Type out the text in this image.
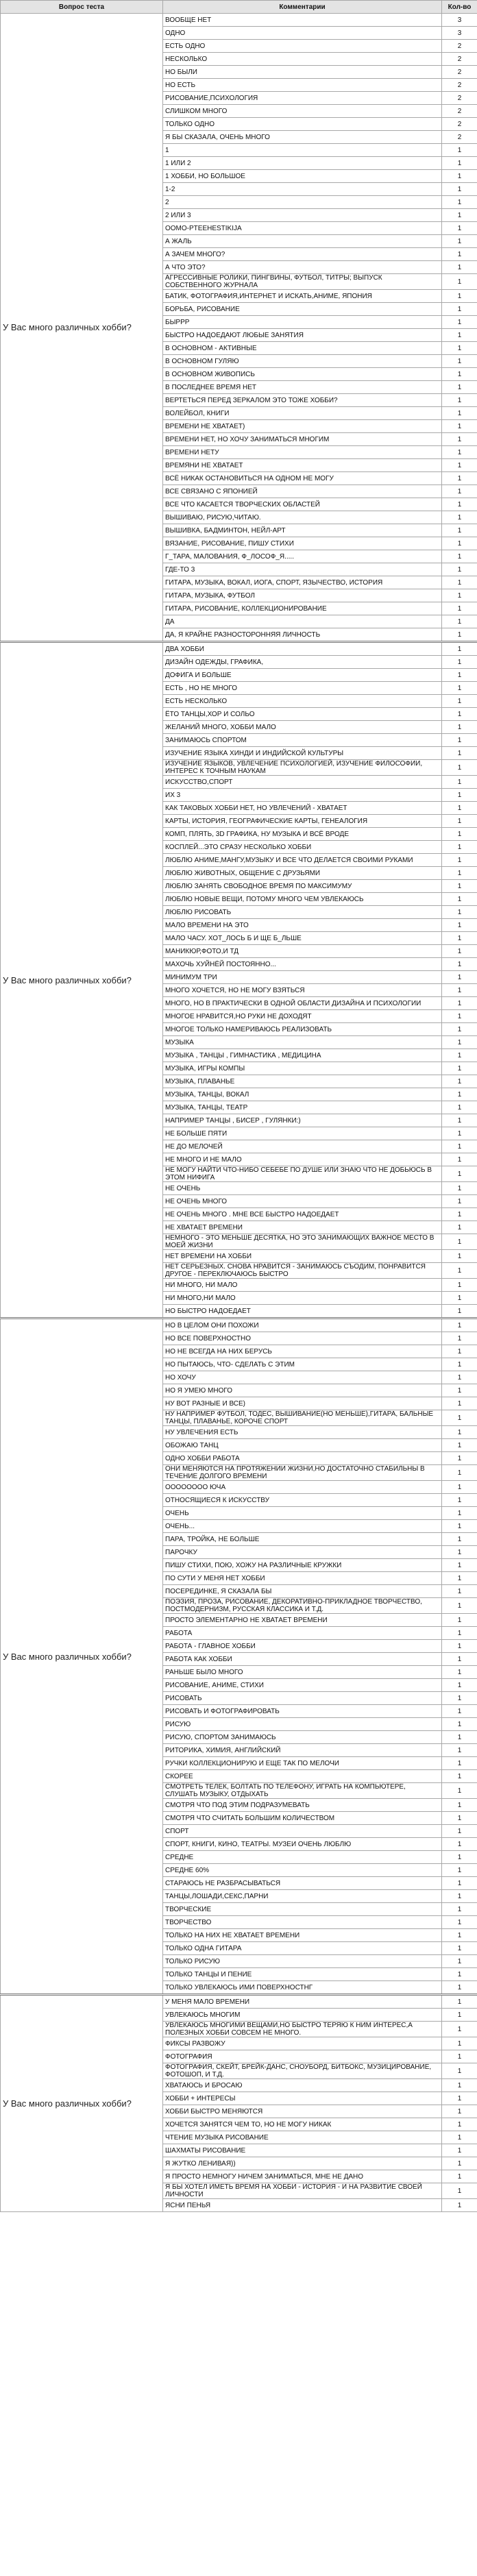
Вопрос теста	Комментарии	Кол-во
У Вас много различных хобби?	ВООБЩЕ НЕТ	3
	ОДНО	3
	ЕСТЬ ОДНО	2
	НЕСКОЛЬКО	2
	НО БЫЛИ	2
	НО ЕСТЬ	2
	РИСОВАНИЕ,ПСИХОЛОГИЯ	2
	СЛИШКОМ МНОГО	2
	ТОЛЬКО ОДНО	2
	Я БЫ СКАЗАЛА, ОЧЕНЬ МНОГО	2
	1	1
	1 ИЛИ 2	1
	1 ХОББИ, НО БОЛЬШОЕ	1
	1-2	1
	2	1
	2 ИЛИ 3	1
	OOMO-PTEEHESTIKIJA	1
	А ЖАЛЬ	1
	А ЗАЧЕМ МНОГО?	1
	А ЧТО ЭТО?	1
	АГРЕССИВНЫЕ РОЛИКИ, ПИНГВИНЫ, ФУТБОЛ, ТИТРЫ; ВЫПУСК СОБСТВЕННОГО ЖУРНАЛА	1
	БАТИК, ФОТОГРАФИЯ,ИНТЕРНЕТ И ИСКАТЬ,АНИМЕ, ЯПОНИЯ	1
	БОРЬБА, РИСОВАНИЕ	1
	БЫРРР	1
	БЫСТРО НАДОЕДАЮТ ЛЮБЫЕ ЗАНЯТИЯ	1
	В ОСНОВНОМ - АКТИВНЫЕ	1
	В ОСНОВНОМ ГУЛЯЮ	1
	В ОСНОВНОМ ЖИВОПИСЬ	1
	В ПОСЛЕДНЕЕ ВРЕМЯ НЕТ	1
	ВЕРТЕТЬСЯ ПЕРЕД ЗЕРКАЛОМ ЭТО ТОЖЕ ХОББИ?	1
	ВОЛЕЙБОЛ, КНИГИ	1
	ВРЕМЕНИ НЕ ХВАТАЕТ)	1
	ВРЕМЕНИ НЕТ, НО ХОЧУ ЗАНИМАТЬСЯ МНОГИМ	1
	ВРЕМЕНИ НЕТУ	1
	ВРЕМЯНИ НЕ ХВАТАЕТ	1
	ВСЁ НИКАК ОСТАНОВИТЬСЯ НА ОДНОМ НЕ МОГУ	1
	ВСЕ СВЯЗАНО С ЯПОНИЕЙ	1
	ВСЕ ЧТО КАСАЕТСЯ ТВОРЧЕСКИХ ОБЛАСТЕЙ	1
	ВЫШИВАЮ, РИСУЮ,ЧИТАЮ.	1
	ВЫШИВКА, БАДМИНТОН, НЕЙЛ-АРТ	1
	ВЯЗАНИЕ, РИСОВАНИЕ, ПИШУ СТИХИ	1
	Г_ТАРА, МАЛОВАНИЯ, Ф_ЛОСОФ_Я.....	1
	ГДЕ-ТО 3	1
	ГИТАРА, МУЗЫКА, ВОКАЛ, ИОГА, СПОРТ, ЯЗЫЧЕСТВО, ИСТОРИЯ	1
	ГИТАРА, МУЗЫКА, ФУТБОЛ	1
	ГИТАРА, РИСОВАНИЕ, КОЛЛЕКЦИОНИРОВАНИЕ	1
	ДА	1
	ДА, Я КРАЙНЕ РАЗНОСТОРОННЯЯ ЛИЧНОСТЬ	1
У Вас много различных хобби?	ДВА ХОББИ	1
	ДИЗАЙН ОДЕЖДЫ, ГРАФИКА,	1
	ДОФИГА И БОЛЬШЕ	1
	ЕСТЬ , НО НЕ МНОГО	1
	ЕСТЬ НЕСКОЛЬКО	1
	ЁТО ТАНЦЫ,ХОР И СОЛЬО	1
	ЖЕЛАНИЙ МНОГО, ХОББИ МАЛО	1
	ЗАНИМАЮСЬ СПОРТОМ	1
	ИЗУЧЕНИЕ ЯЗЫКА ХИНДИ И ИНДИЙСКОЙ КУЛЬТУРЫ	1
	ИЗУЧЕНИЕ ЯЗЫКОВ, УВЛЕЧЕНИЕ ПСИХОЛОГИЕЙ, ИЗУЧЕНИЕ ФИЛОСОФИИ, ИНТЕРЕС К ТОЧНЫМ НАУКАМ	1
	ИСКУССТВО,СПОРТ	1
	ИХ 3	1
	КАК ТАКОВЫХ ХОББИ НЕТ, НО УВЛЕЧЕНИЙ - ХВАТАЕТ	1
	КАРТЫ, ИСТОРИЯ, ГЕОГРАФИЧЕСКИЕ КАРТЫ, ГЕНЕАЛОГИЯ	1
	КОМП, ПЛЯТЬ, 3D ГРАФИКА, НУ МУЗЫКА И ВСЁ ВРОДЕ	1
	КОСПЛЕЙ...ЭТО СРАЗУ НЕСКОЛЬКО ХОББИ	1
	ЛЮБЛЮ АНИМЕ,МАНГУ,МУЗЫКУ И ВСЕ ЧТО ДЕЛАЕТСЯ СВОИМИ РУКАМИ	1
	ЛЮБЛЮ ЖИВОТНЫХ, ОБЩЕНИЕ С ДРУЗЬЯМИ	1
	ЛЮБЛЮ ЗАНЯТЬ СВОБОДНОЕ ВРЕМЯ ПО МАКСИМУМУ	1
	ЛЮБЛЮ НОВЫЕ ВЕЩИ, ПОТОМУ МНОГО ЧЕМ УВЛЕКАЮСЬ	1
	ЛЮБЛЮ РИСОВАТЬ	1
	МАЛО ВРЕМЕНИ НА ЭТО	1
	МАЛО ЧАСУ. ХОТ_ЛОСЬ Б И ЩЕ Б_ЛЬШЕ	1
	МАНИКЮР,ФОТО,И ТД	1
	МАХОЧЬ ХУЙНЁЙ ПОСТОЯННО...	1
	МИНИМУМ ТРИ	1
	МНОГО ХОЧЕТСЯ, НО НЕ МОГУ ВЗЯТЬСЯ	1
	МНОГО, НО В ПРАКТИЧЕСКИ В ОДНОЙ ОБЛАСТИ ДИЗАЙНА И ПСИХОЛОГИИ	1
	МНОГОЕ НРАВИТСЯ,НО РУКИ НЕ ДОХОДЯТ	1
	МНОГОЕ ТОЛЬКО НАМЕРИВАЮСЬ РЕАЛИЗОВАТЬ	1
	МУЗЫКА	1
	МУЗЫКА , ТАНЦЫ , ГИМНАСТИКА , МЕДИЦИНА	1
	МУЗЫКА, ИГРЫ КОМПЫ	1
	МУЗЫКА, ПЛАВАНЬЕ	1
	МУЗЫКА, ТАНЦЫ, ВОКАЛ	1
	МУЗЫКА, ТАНЦЫ, ТЕАТР	1
	НАПРИМЕР ТАНЦЫ , БИСЕР , ГУЛЯНКИ:)	1
	НЕ БОЛЬШЕ ПЯТИ	1
	НЕ ДО МЕЛОЧЕЙ	1
	НЕ МНОГО И НЕ МАЛО	1
	НЕ МОГУ НАЙТИ ЧТО-НИБО СЕБЕБЕ ПО ДУШЕ ИЛИ ЗНАЮ ЧТО НЕ ДОБЬЮСЬ В ЭТОМ НИФИГА	1
	НЕ ОЧЕНЬ	1
	НЕ ОЧЕНЬ МНОГО	1
	НЕ ОЧЕНЬ МНОГО . МНЕ ВСЕ БЫСТРО НАДОЕДАЕТ	1
	НЕ ХВАТАЕТ ВРЕМЕНИ	1
	НЕМНОГО - ЭТО МЕНЬШЕ ДЕСЯТКА, НО ЭТО ЗАНИМАЮЩИХ ВАЖНОЕ МЕСТО В МОЕЙ ЖИЗНИ	1
	НЕТ ВРЕМЕНИ НА ХОББИ	1
	НЕТ СЕРЬЕЗНЫХ. СНОВА НРАВИТСЯ - ЗАНИМАЮСЬ СЪОДИМ, ПОНРАВИТСЯ ДРУГОЕ - ПЕРЕКЛЮЧАЮСЬ БЫСТРО	1
	НИ МНОГО, НИ МАЛО	1
	НИ МНОГО,НИ МАЛО	1
	НО БЫСТРО НАДОЕДАЕТ	1
У Вас много различных хобби?	НО В ЦЕЛОМ ОНИ ПОХОЖИ	1
	НО ВСЕ ПОВЕРХНОСТНО	1
	НО НЕ ВСЕГДА НА НИХ БЕРУСЬ	1
	НО ПЫТАЮСЬ, ЧТО- СДЕЛАТЬ С ЭТИМ	1
	НО ХОЧУ	1
	НО Я УМЕЮ МНОГО	1
	НУ ВОТ РАЗНЫЕ И ВСЕ)	1
	НУ НАПРИМЕР ФУТБОЛ, ТОДЕС, ВЫШИВАНИЕ(НО МЕНЬШЕ),ГИТАРА, БАЛЬНЫЕ ТАНЦЫ, ПЛАВАНЬЕ, КОРОЧЕ СПОРТ	1
	НУ УВЛЕЧЕНИЯ ЕСТЬ	1
	ОБОЖАЮ ТАНЦ	1
	ОДНО ХОББИ РАБОТА	1
	ОНИ МЕНЯЮТСЯ НА ПРОТЯЖЕНИИ ЖИЗНИ,НО ДОСТАТОЧНО СТАБИЛЬНЫ В ТЕЧЕНИЕ ДОЛГОГО ВРЕМЕНИ	1
	ОООООООО ЮЧА	1
	ОТНОСЯЩИЕСЯ К ИСКУССТВУ	1
	ОЧЕНЬ	1
	ОЧЕНЬ...	1
	ПАРА, ТРОЙКА, НЕ БОЛЬШЕ	1
	ПАРОЧКУ	1
	ПИШУ СТИХИ, ПОЮ, ХОЖУ НА РАЗЛИЧНЫЕ КРУЖКИ	1
	ПО СУТИ У МЕНЯ НЕТ ХОББИ	1
	ПОСЕРЕДИНКЕ, Я СКАЗАЛА БЫ	1
	ПОЭЗИЯ, ПРОЗА, РИСОВАНИЕ, ДЕКОРАТИВНО-ПРИКЛАДНОЕ ТВОРЧЕСТВО, ПОСТМОДЕРНИЗМ, РУССКАЯ КЛАССИКА И Т.Д.	1
	ПРОСТО ЭЛЕМЕНТАРНО НЕ ХВАТАЕТ ВРЕМЕНИ	1
	РАБОТА	1
	РАБОТА - ГЛАВНОЕ ХОББИ	1
	РАБОТА КАК ХОББИ	1
	РАНЬШЕ БЫЛО МНОГО	1
	РИСОВАНИЕ, АНИМЕ, СТИХИ	1
	РИСОВАТЬ	1
	РИСОВАТЬ И ФОТОГРАФИРОВАТЬ	1
	РИСУЮ	1
	РИСУЮ, СПОРТОМ ЗАНИМАЮСЬ	1
	РИТОРИКА, ХИМИЯ, АНГЛИЙСКИЙ	1
	РУЧКИ КОЛЛЕКЦИОНИРУЮ И ЕЩЕ ТАК ПО МЕЛОЧИ	1
	СКОРЕЕ	1
	СМОТРЕТЬ ТЕЛЕК, БОЛТАТЬ ПО ТЕЛЕФОНУ, ИГРАТЬ НА КОМПЬЮТЕРЕ, СЛУШАТЬ МУЗЫКУ, ОТДЫХАТЬ	1
	СМОТРЯ ЧТО ПОД ЭТИМ ПОДРАЗУМЕВАТЬ	1
	СМОТРЯ ЧТО СЧИТАТЬ БОЛЬШИМ КОЛИЧЕСТВОМ	1
	СПОРТ	1
	СПОРТ, КНИГИ, КИНО, ТЕАТРЫ. МУЗЕИ ОЧЕНЬ ЛЮБЛЮ	1
	СРЕДНЕ	1
	СРЕДНЕ 60%	1
	СТАРАЮСЬ НЕ РАЗБРАСЫВАТЬСЯ	1
	ТАНЦЫ,ЛОШАДИ,СЕКС,ПАРНИ	1
	ТВОРЧЕСКИЕ	1
	ТВОРЧЕСТВО	1
	ТОЛЬКО НА НИХ НЕ ХВАТАЕТ ВРЕМЕНИ	1
	ТОЛЬКО ОДНА ГИТАРА	1
	ТОЛЬКО РИСУЮ	1
	ТОЛЬКО ТАНЦЫ И ПЕНИЕ	1
	ТОЛЬКО УВЛЕКАЮСЬ ИМИ ПОВЕРХНОСТНГ	1
У Вас много различных хобби?	У МЕНЯ МАЛО ВРЕМЕНИ	1
	УВЛЕКАЮСЬ МНОГИМ	1
	УВЛЕКАЮСЬ МНОГИМИ ВЕЩАМИ,НО БЫСТРО ТЕРЯЮ К НИМ ИНТЕРЕС,А ПОЛЕЗНЫХ ХОББИ СОВСЕМ НЕ МНОГО.	1
	ФИКСЫ РАЗВОЖУ	1
	ФОТОГРАФИЯ	1
	ФОТОГРАФИЯ, СКЕЙТ, БРЕЙК-ДАНС, СНОУБОРД, БИТБОКС, МУЗИЦИРОВАНИЕ, ФОТОШОП, И Т.Д.	1
	ХВАТАЮСЬ И БРОСАЮ	1
	ХОББИ + ИНТЕРЕСЫ	1
	ХОББИ БЫСТРО МЕНЯЮТСЯ	1
	ХОЧЕТСЯ ЗАНЯТСЯ ЧЕМ ТО, НО НЕ МОГУ НИКАК	1
	ЧТЕНИЕ МУЗЫКА РИСОВАНИЕ	1
	ШАХМАТЫ РИСОВАНИЕ	1
	Я ЖУТКО ЛЕНИВАЯ))	1
	Я ПРОСТО НЕМНОГУ НИЧЕМ ЗАНИМАТЬСЯ, МНЕ НЕ ДАНО	1
	Я БЫ ХОТЕЛ ИМЕТЬ ВРЕМЯ НА ХОББИ - ИСТОРИЯ - И НА РАЗВИТИЕ СВОЕЙ ЛИЧНОСТИ	1
	ЯСНИ ПЕНЬЯ	1
